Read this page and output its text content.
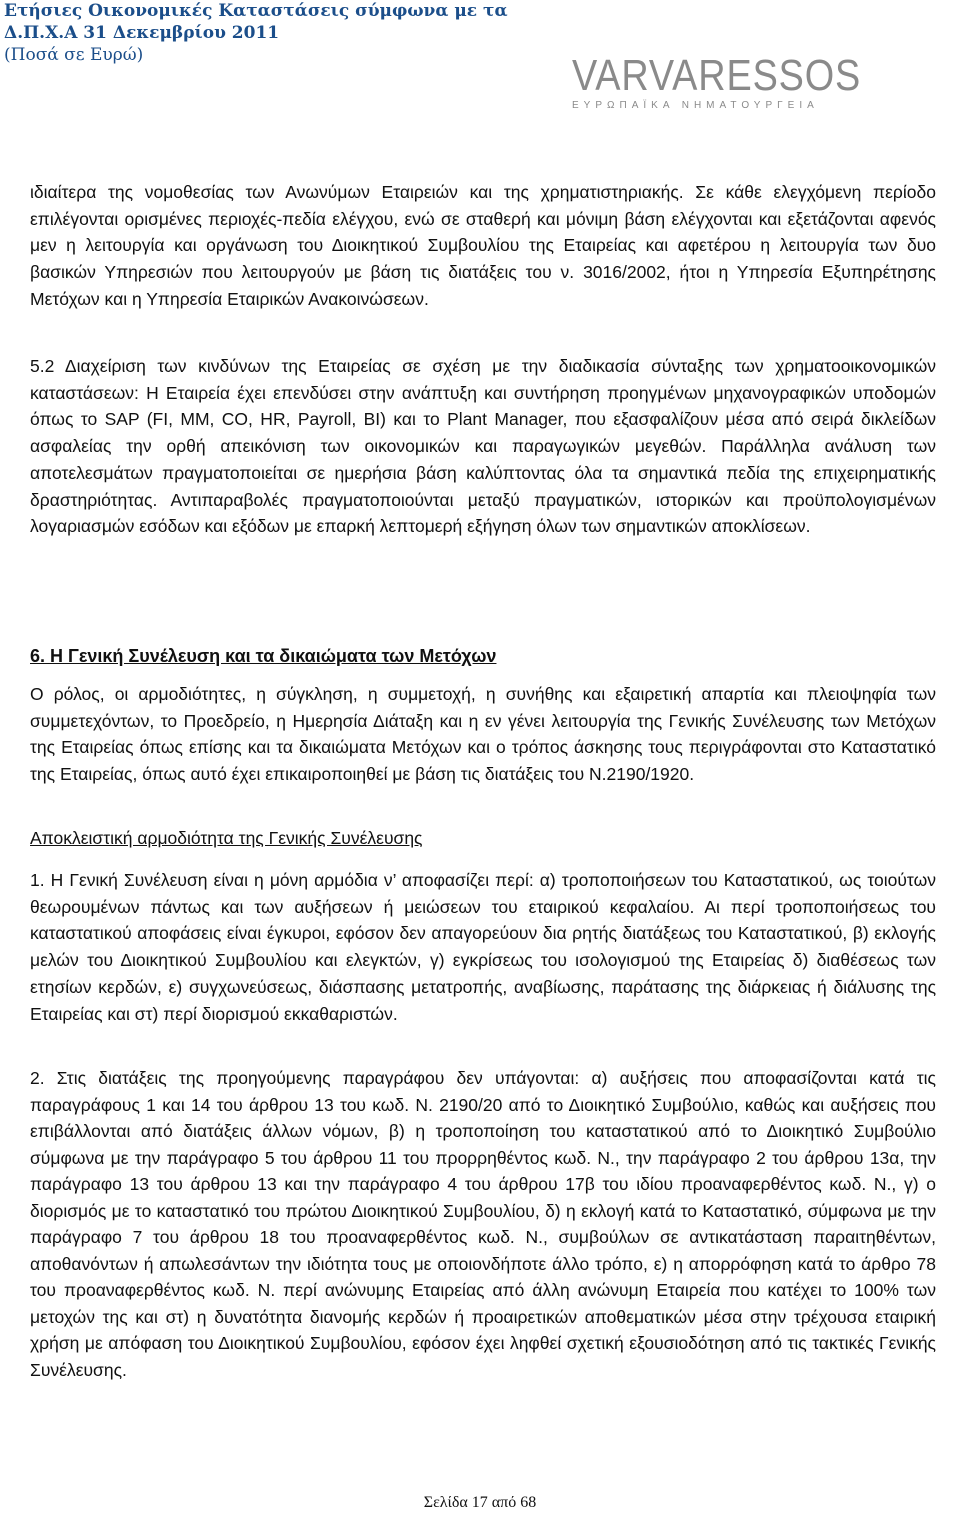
Ετήσιες Οικονομικές Καταστάσεις σύμφωνα με τα
Δ.Π.Χ.Α 31 Δεκεμβρίου 2011
(Ποσά σε Ευρώ)	VARVARESSOS
ΕΥΡΩΠΑΪΚΑ ΝΗΜΑΤΟΥΡΓΕΙΑ

ιδιαίτερα της νομοθεσίας των Ανωνύμων Εταιρειών και της χρηματιστηριακής. Σε κάθε ελεγχόμενη περίοδο επιλέγονται ορισμένες περιοχές-πεδία ελέγχου, ενώ σε σταθερή και μόνιμη βάση ελέγχονται και εξετάζονται αφενός μεν η λειτουργία και οργάνωση του Διοικητικού Συμβουλίου της Εταιρείας και αφετέρου η λειτουργία των δυο βασικών Υπηρεσιών που λειτουργούν με βάση τις διατάξεις του ν. 3016/2002, ήτοι η Υπηρεσία Εξυπηρέτησης Μετόχων και η Υπηρεσία Εταιρικών Ανακοινώσεων.

5.2 Διαχείριση των κινδύνων της Εταιρείας σε σχέση με την διαδικασία σύνταξης των χρηματοοικονομικών καταστάσεων: Η Εταιρεία έχει επενδύσει στην ανάπτυξη και συντήρηση προηγμένων μηχανογραφικών υποδομών όπως το SAP (FI, MM, CO, HR, Payroll, BI) και το Plant Manager, που εξασφαλίζουν μέσα από σειρά δικλείδων ασφαλείας την ορθή απεικόνιση των οικονομικών και παραγωγικών μεγεθών. Παράλληλα ανάλυση των αποτελεσμάτων πραγματοποιείται σε ημερήσια βάση καλύπτοντας όλα τα σημαντικά πεδία της επιχειρηματικής δραστηριότητας. Αντιπαραβολές πραγματοποιούνται μεταξύ πραγματικών, ιστορικών και προϋπολογισμένων λογαριασμών εσόδων και εξόδων με επαρκή λεπτομερή εξήγηση όλων των σημαντικών αποκλίσεων.

6. Η Γενική Συνέλευση και τα δικαιώματα των Μετόχων

Ο ρόλος, οι αρμοδιότητες, η σύγκληση, η συμμετοχή, η συνήθης και εξαιρετική απαρτία και πλειοψηφία των συμμετεχόντων, το Προεδρείο, η Ημερησία Διάταξη και η εν γένει λειτουργία της Γενικής Συνέλευσης των Μετόχων της Εταιρείας όπως επίσης και τα δικαιώματα Μετόχων και ο τρόπος άσκησης τους περιγράφονται στο Καταστατικό της Εταιρείας, όπως αυτό έχει επικαιροποιηθεί με βάση τις διατάξεις του Ν.2190/1920.

Αποκλειστική αρμοδιότητα της Γενικής Συνέλευσης

1. Η Γενική Συνέλευση είναι η μόνη αρμόδια ν’ αποφασίζει περί: α) τροποποιήσεων του Καταστατικού, ως τοιούτων θεωρουμένων πάντως και των αυξήσεων ή μειώσεων του εταιρικού κεφαλαίου. Αι περί τροποποιήσεως του καταστατικού αποφάσεις είναι έγκυροι, εφόσον δεν απαγορεύουν δια ρητής διατάξεως του Καταστατικού, β) εκλογής μελών του Διοικητικού Συμβουλίου και ελεγκτών, γ) εγκρίσεως του ισολογισμού της Εταιρείας δ) διαθέσεως των ετησίων κερδών, ε) συγχωνεύσεως, διάσπασης μετατροπής, αναβίωσης, παράτασης της διάρκειας ή διάλυσης της Εταιρείας και στ) περί διορισμού εκκαθαριστών.

2. Στις διατάξεις της προηγούμενης παραγράφου δεν υπάγονται: α) αυξήσεις που αποφασίζονται κατά τις παραγράφους 1 και 14 του άρθρου 13 του κωδ. Ν. 2190/20 από το Διοικητικό Συμβούλιο, καθώς και αυξήσεις που επιβάλλονται από διατάξεις άλλων νόμων, β) η τροποποίηση του καταστατικού από το Διοικητικό Συμβούλιο σύμφωνα με την παράγραφο 5 του άρθρου 11 του προρρηθέντος κωδ. Ν., την παράγραφο 2 του άρθρου 13α, την παράγραφο 13 του άρθρου 13 και την παράγραφο 4 του άρθρου 17β του ιδίου προαναφερθέντος κωδ. Ν., γ) ο διορισμός με το καταστατικό του πρώτου Διοικητικού Συμβουλίου, δ) η εκλογή κατά το Καταστατικό, σύμφωνα με την παράγραφο 7 του άρθρου 18 του προαναφερθέντος κωδ. Ν., συμβούλων σε αντικατάσταση παραιτηθέντων, αποθανόντων ή απωλεσάντων την ιδιότητα τους με οποιονδήποτε άλλο τρόπο, ε) η απορρόφηση κατά το άρθρο 78 του προαναφερθέντος κωδ. Ν. περί ανώνυμης Εταιρείας από άλλη ανώνυμη Εταιρεία που κατέχει το 100% των μετοχών της και στ) η δυνατότητα διανομής κερδών ή προαιρετικών αποθεματικών μέσα στην τρέχουσα εταιρική χρήση με απόφαση του Διοικητικού Συμβουλίου, εφόσον έχει ληφθεί σχετική εξουσιοδότηση από τις τακτικές Γενικής Συνέλευσης.

Σελίδα 17 από 68
